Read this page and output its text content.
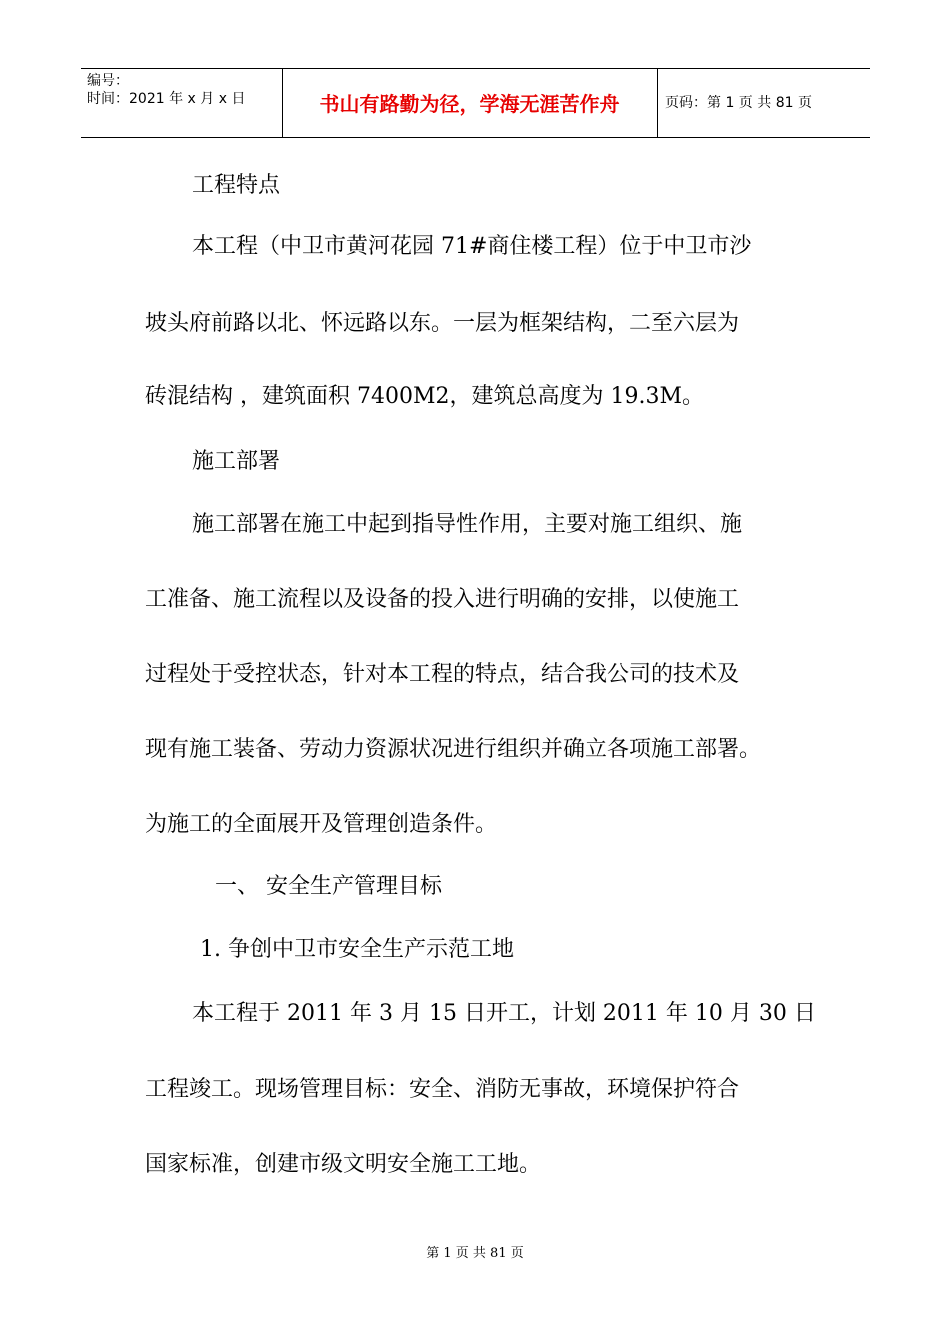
编号：
时间：2021 年 x 月 x 日	书山有路勤为径，学海无涯苦作舟	页码：第 1 页 共 81 页
工程特点
本工程（中卫市黄河花园 71#商住楼工程）位于中卫市沙
坡头府前路以北、怀远路以东。一层为框架结构，二至六层为
砖混结构 ，建筑面积 7400M2，建筑总高度为 19.3M。
施工部署
施工部署在施工中起到指导性作用，主要对施工组织、施
工准备、施工流程以及设备的投入进行明确的安排，以使施工
过程处于受控状态，针对本工程的特点，结合我公司的技术及
现有施工装备、劳动力资源状况进行组织并确立各项施工部署。
为施工的全面展开及管理创造条件。
一、 安全生产管理目标
1. 争创中卫市安全生产示范工地
本工程于 2011 年 3 月 15 日开工，计划 2011 年 10 月 30 日
工程竣工。现场管理目标：安全、消防无事故，环境保护符合
国家标准，创建市级文明安全施工工地。
第 1 页 共 81 页
